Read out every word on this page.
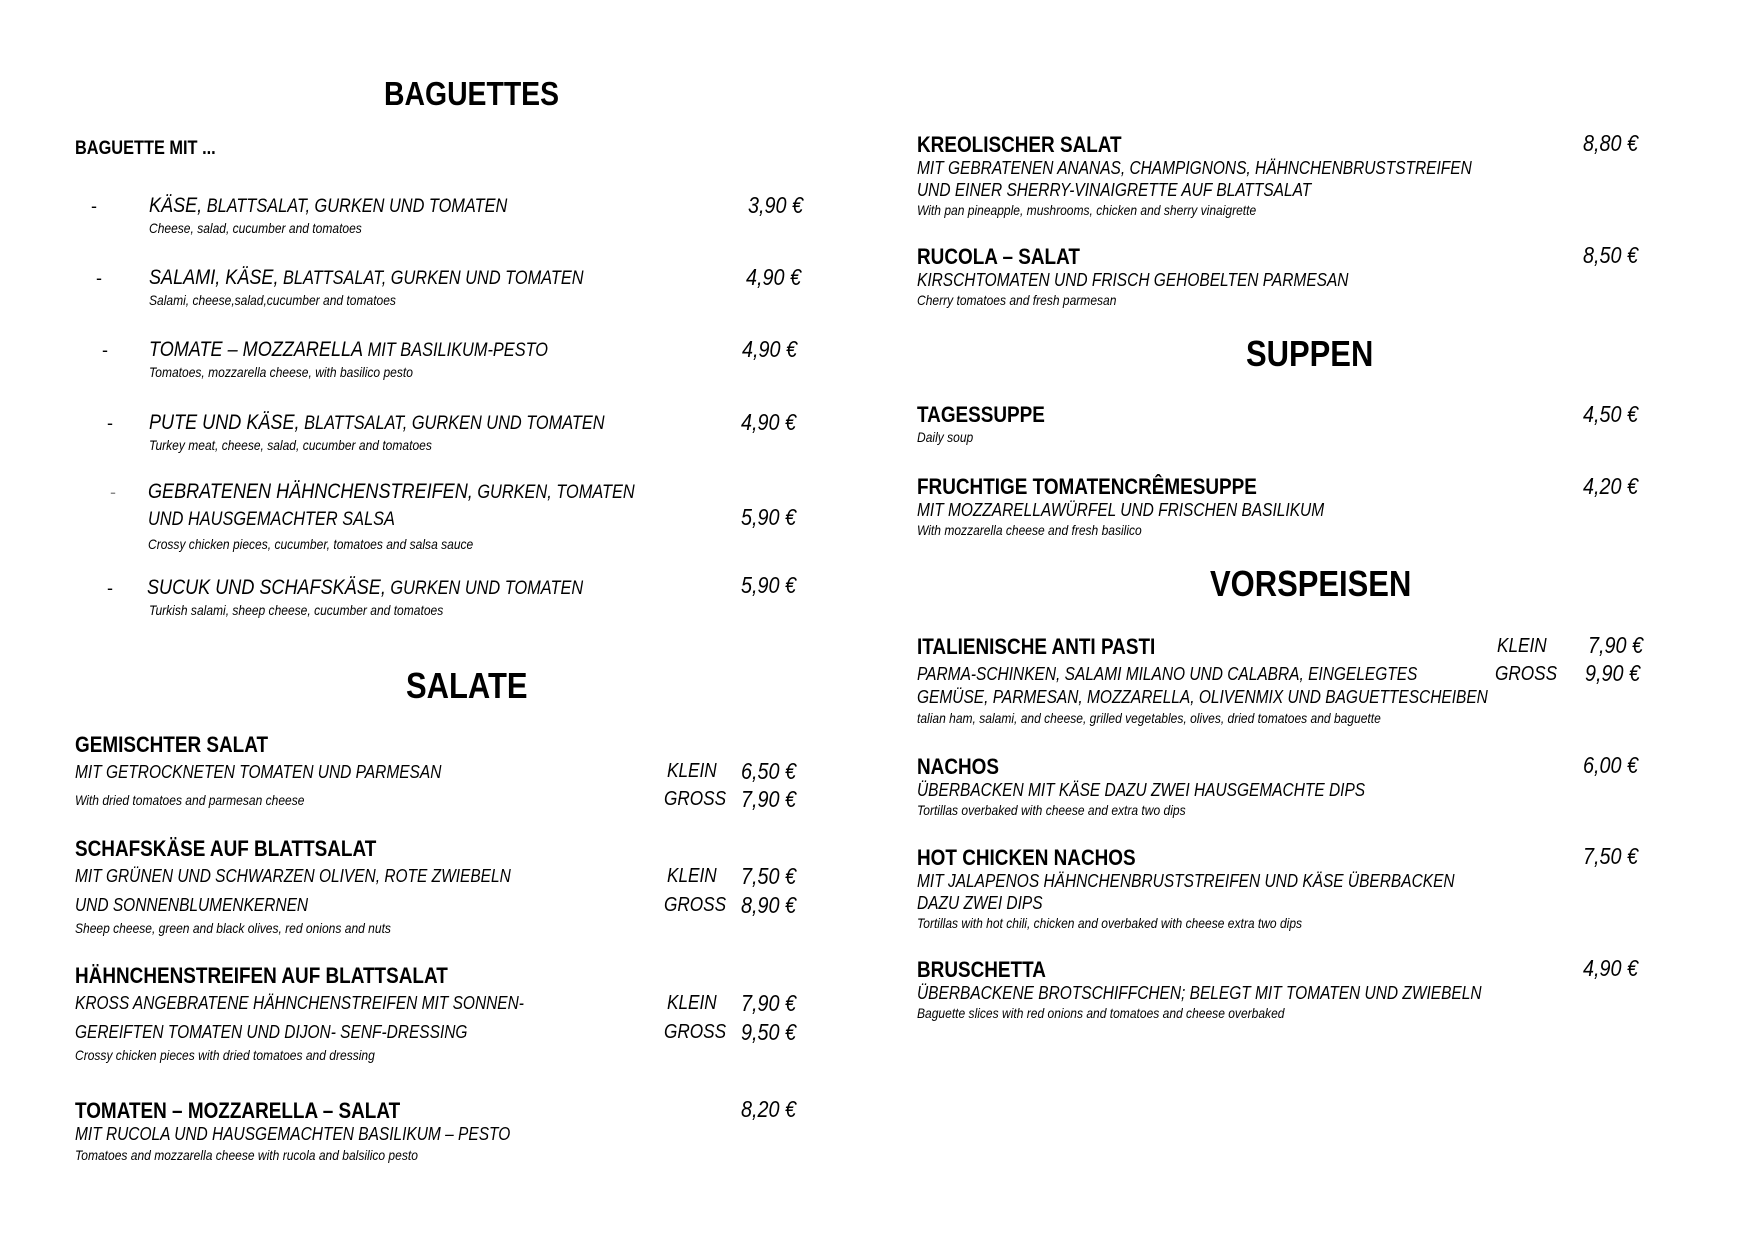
BAGUETTES
BAGUETTE MIT ...
- KÄSE, BLATTSALAT, GURKEN UND TOMATEN
Cheese, salad, cucumber and tomatoes
3,90 €
- SALAMI, KÄSE, BLATTSALAT, GURKEN UND TOMATEN
Salami, cheese,salad,cucumber and tomatoes
4,90 €
- TOMATE – MOZZARELLA MIT BASILIKUM-PESTO
Tomatoes, mozzarella cheese, with basilico pesto
4,90 €
- PUTE UND KÄSE, BLATTSALAT, GURKEN UND TOMATEN
Turkey meat, cheese, salad, cucumber and tomatoes
4,90 €
- GEBRATENEN HÄHNCHENSTREIFEN, GURKEN, TOMATEN
UND HAUSGEMACHTER SALSA
Crossy chicken pieces, cucumber, tomatoes and salsa sauce
5,90 €
- SUCUK UND SCHAFSKÄSE, GURKEN UND TOMATEN
Turkish salami, sheep cheese, cucumber and tomatoes
5,90 €
SALATE
GEMISCHTER SALAT
MIT GETROCKNETEN TOMATEN UND PARMESAN
With dried tomatoes and parmesan cheese
KLEIN	6,50 €
GROSS 7,90 €
SCHAFSKÄSE AUF BLATTSALAT
MIT GRÜNEN UND SCHWARZEN OLIVEN, ROTE ZWIEBELN
UND SONNENBLUMENKERNEN
Sheep cheese, green and black olives, red onions and nuts
KLEIN	7,50 €
GROSS 8,90 €
HÄHNCHENSTREIFEN AUF BLATTSALAT
KROSS ANGEBRATENE HÄHNCHENSTREIFEN MIT SONNEN-
GEREIFTEN TOMATEN UND DIJON- SENF-DRESSING
Crossy chicken pieces with dried tomatoes and dressing
KLEIN	7,90 €
GROSS 9,50 €
TOMATEN – MOZZARELLA – SALAT
MIT RUCOLA UND HAUSGEMACHTEN BASILIKUM – PESTO
Tomatoes and mozzarella cheese with rucola and balsilico pesto
8,20 €
KREOLISCHER SALAT
MIT GEBRATENEN ANANAS, CHAMPIGNONS, HÄHNCHENBRUSTSTREIFEN
UND EINER SHERRY-VINAIGRETTE AUF BLATTSALAT
With pan pineapple, mushrooms, chicken and sherry vinaigrette
8,80 €
RUCOLA – SALAT
KIRSCHTOMATEN UND FRISCH GEHOBELTEN PARMESAN
Cherry tomatoes and fresh parmesan
8,50 €
SUPPEN
TAGESSUPPE
Daily soup
4,50 €
FRUCHTIGE TOMATENCRÊMESUPPE
MIT MOZZARELLAWÜRFEL UND FRISCHEN BASILIKUM
With mozzarella cheese and fresh basilico
4,20 €
VORSPEISEN
ITALIENISCHE ANTI PASTI
PARMA-SCHINKEN, SALAMI MILANO UND CALABRA, EINGELEGTES
GEMÜSE, PARMESAN, MOZZARELLA, OLIVENMIX UND BAGUETTESCHEIBEN
talian ham, salami, and cheese, grilled vegetables, olives, dried tomatoes and baguette
KLEIN	7,90 €
GROSS	9,90 €
NACHOS
ÜBERBACKEN MIT KÄSE DAZU ZWEI HAUSGEMACHTE DIPS
Tortillas overbaked with cheese and extra two dips
6,00 €
HOT CHICKEN NACHOS
MIT JALAPENOS HÄHNCHENBRUSTSTREIFEN UND KÄSE ÜBERBACKEN
DAZU ZWEI DIPS
Tortillas with hot chili, chicken and overbaked with cheese extra two dips
7,50 €
BRUSCHETTA
ÜBERBACKENE BROTSCHIFFCHEN; BELEGT MIT TOMATEN UND ZWIEBELN
Baguette slices with red onions and tomatoes and cheese overbaked
4,90 €
